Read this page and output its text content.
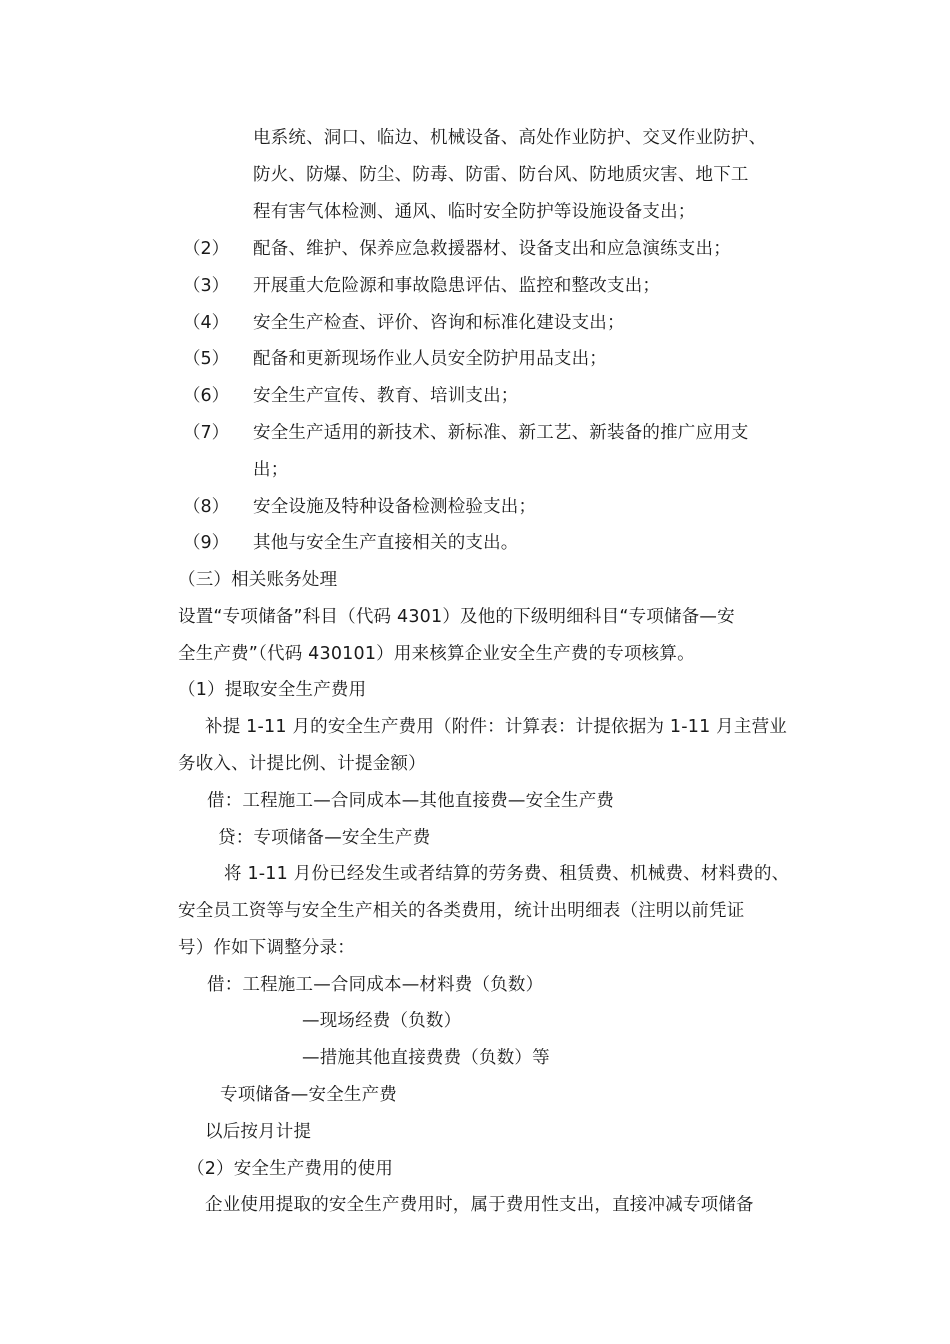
电系统、洞口、临边、机械设备、高处作业防护、交叉作业防护、
防火、防爆、防尘、防毒、防雷、防台风、防地质灾害、地下工
程有害气体检测、通风、临时安全防护等设施设备支出；
（2） 配备、维护、保养应急救援器材、设备支出和应急演练支出；
（3） 开展重大危险源和事故隐患评估、监控和整改支出；
（4） 安全生产检查、评价、咨询和标准化建设支出；
（5） 配备和更新现场作业人员安全防护用品支出；
（6） 安全生产宣传、教育、培训支出；
（7） 安全生产适用的新技术、新标准、新工艺、新装备的推广应用支
出；
（8） 安全设施及特种设备检测检验支出；
（9） 其他与安全生产直接相关的支出。
（三）相关账务处理
设置“专项储备”科目（代码 4301）及他的下级明细科目“专项储备—安
全生产费”（代码 430101）用来核算企业安全生产费的专项核算。
（1）提取安全生产费用
补提 1-11 月的安全生产费用（附件：计算表：计提依据为 1-11 月主营业
务收入、计提比例、计提金额）
借：工程施工—合同成本—其他直接费—安全生产费
贷：专项储备—安全生产费
将 1-11 月份已经发生或者结算的劳务费、租赁费、机械费、材料费的、
安全员工资等与安全生产相关的各类费用，统计出明细表（注明以前凭证
号）作如下调整分录：
借：工程施工—合同成本—材料费（负数）
—现场经费（负数）
—措施其他直接费费（负数）等
专项储备—安全生产费
以后按月计提
（2）安全生产费用的使用
企业使用提取的安全生产费用时，属于费用性支出，直接冲减专项储备
